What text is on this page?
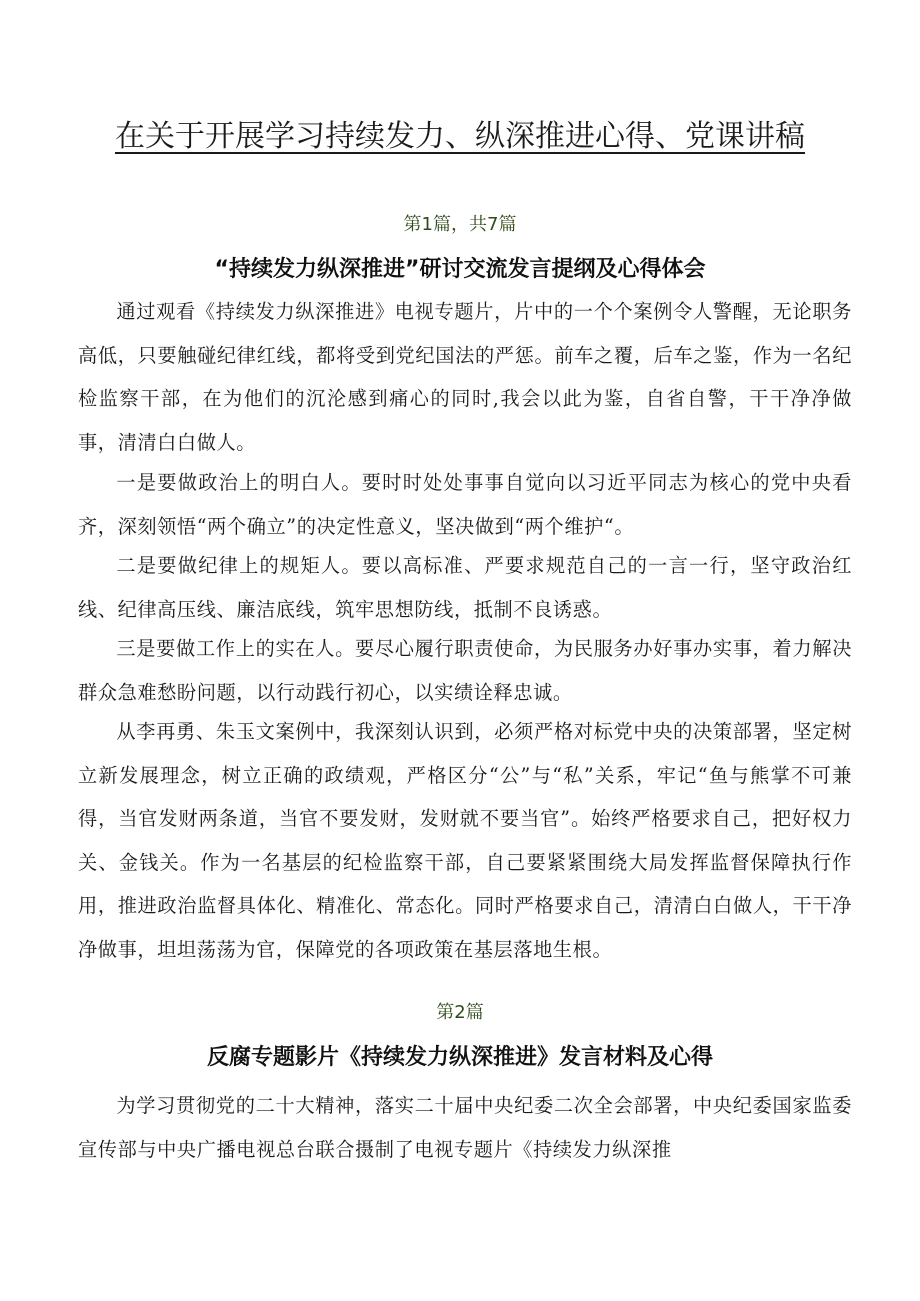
在关于开展学习持续发力、纵深推进心得、党课讲稿
第1篇，共7篇
“持续发力纵深推进”研讨交流发言提纲及心得体会

通过观看《持续发力纵深推进》电视专题片，片中的一个个案例令人警醒，无论职务高低，只要触碰纪律红线，都将受到党纪国法的严惩。前车之覆，后车之鉴，作为一名纪检监察干部，在为他们的沉沦感到痛心的同时,我会以此为鉴，自省自警，干干净净做事，清清白白做人。

一是要做政治上的明白人。要时时处处事事自觉向以习近平同志为核心的党中央看齐，深刻领悟“两个确立”的决定性意义，坚决做到“两个维护“。

二是要做纪律上的规矩人。要以高标准、严要求规范自己的一言一行，坚守政治红线、纪律高压线、廉洁底线，筑牢思想防线，抵制不良诱惑。

三是要做工作上的实在人。要尽心履行职责使命，为民服务办好事办实事，着力解决群众急难愁盼问题，以行动践行初心，以实绩诠释忠诚。

从李再勇、朱玉文案例中，我深刻认识到，必须严格对标党中央的决策部署，坚定树立新发展理念，树立正确的政绩观，严格区分“公”与“私”关系，牢记“鱼与熊掌不可兼得，当官发财两条道，当官不要发财，发财就不要当官”。始终严格要求自己，把好权力关、金钱关。作为一名基层的纪检监察干部，自己要紧紧围绕大局发挥监督保障执行作用，推进政治监督具体化、精准化、常态化。同时严格要求自己，清清白白做人，干干净净做事，坦坦荡荡为官，保障党的各项政策在基层落地生根。

第2篇
反腐专题影片《持续发力纵深推进》发言材料及心得

为学习贯彻党的二十大精神，落实二十届中央纪委二次全会部署，中央纪委国家监委宣传部与中央广播电视总台联合摄制了电视专题片《持续发力纵深推
